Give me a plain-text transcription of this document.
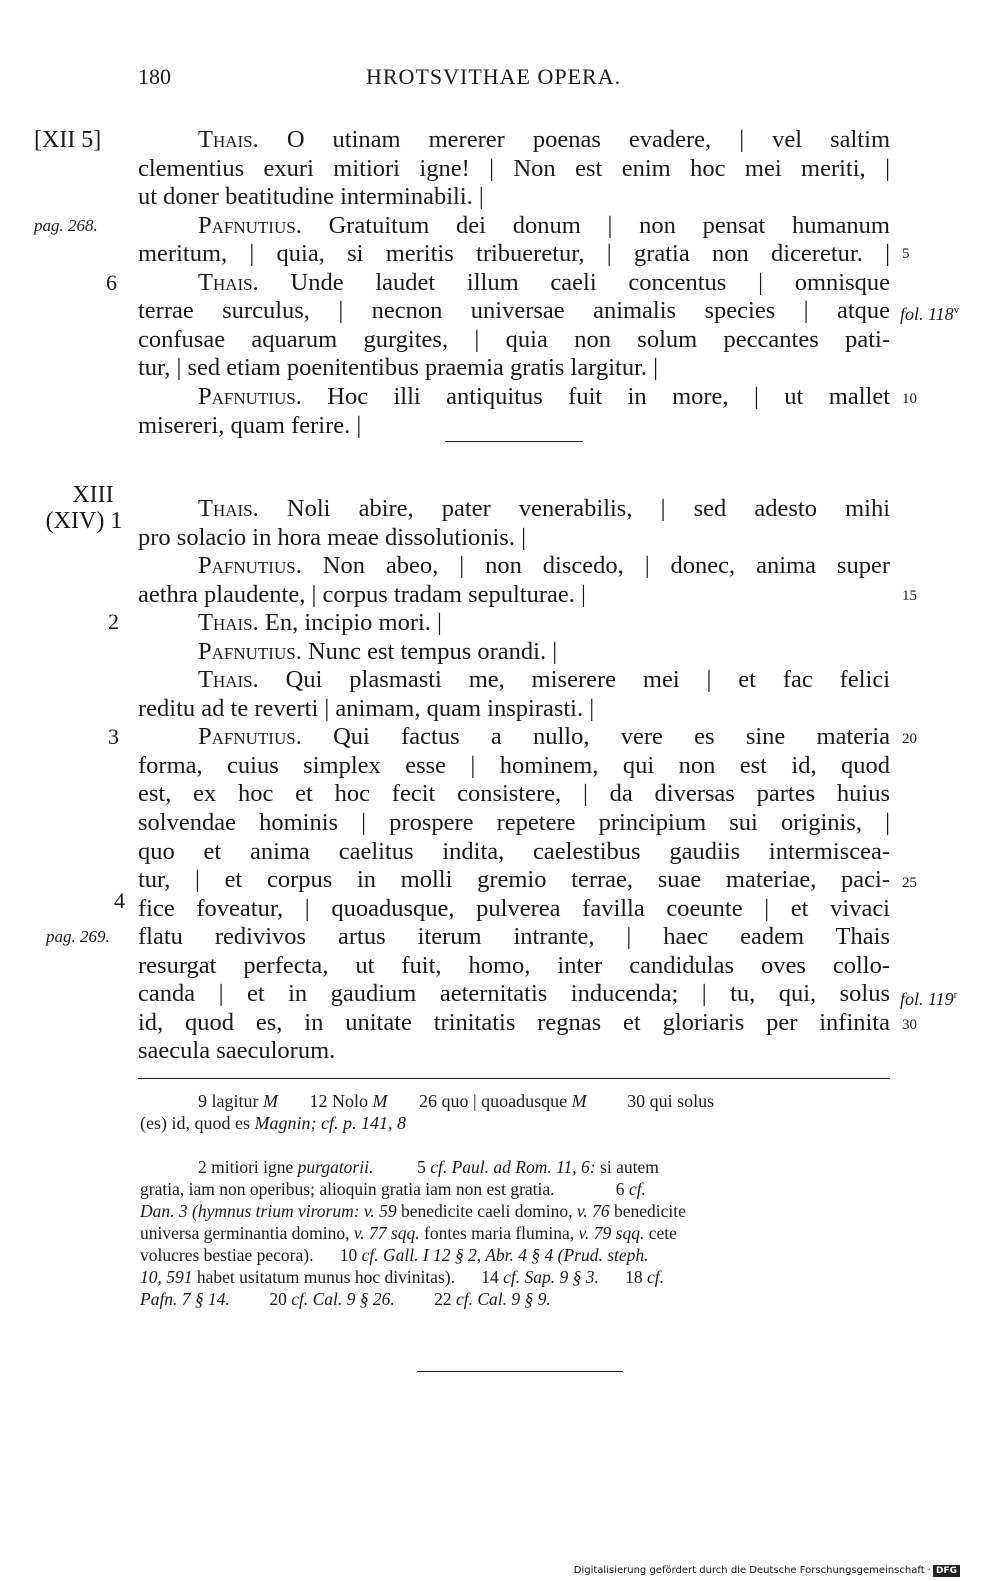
180	HROTSVITHAE OPERA.
[XII 5]
pag. 268.
6
XIII
(XIV) 1
2
3
4
pag. 269.
5
10
15
20
25
30
fol. 118$^v$
fol. 119$^r$
Thais. O utinam mererer poenas evadere, | vel saltim
clementius exuri mitiori igne! | Non est enim hoc mei meriti, |
ut doner beatitudine interminabili. |
Pafnutius. Gratuitum dei donum | non pensat humanum
meritum, | quia, si meritis tribueretur, | gratia non diceretur. |
Thais. Unde laudet illum caeli concentus | omnisque
terrae surculus, | necnon universae animalis species | atque
confusae aquarum gurgites, | quia non solum peccantes pati-
tur, | sed etiam poenitentibus praemia gratis largitur. |
Pafnutius. Hoc illi antiquitus fuit in more, | ut mallet
misereri, quam ferire. |
Thais. Noli abire, pater venerabilis, | sed adesto mihi
pro solacio in hora meae dissolutionis. |
Pafnutius. Non abeo, | non discedo, | donec, anima super
aethra plaudente, | corpus tradam sepulturae. |
Thais. En, incipio mori. |
Pafnutius. Nunc est tempus orandi. |
Thais. Qui plasmasti me, miserere mei | et fac felici
reditu ad te reverti | animam, quam inspirasti. |
Pafnutius. Qui factus a nullo, vere es sine materia
forma, cuius simplex esse | hominem, qui non est id, quod
est, ex hoc et hoc fecit consistere, | da diversas partes huius
solvendae hominis | prospere repetere principium sui originis, |
quo et anima caelitus indita, caelestibus gaudiis intermiscea-
tur, | et corpus in molli gremio terrae, suae materiae, paci-
fice foveatur, | quoadusque, pulverea favilla coeunte | et vivaci
flatu redivivos artus iterum intrante, | haec eadem Thais
resurgat perfecta, ut fuit, homo, inter candidulas oves collo-
canda | et in gaudium aeternitatis inducenda; | tu, qui, solus
id, quod es, in unitate trinitatis regnas et gloriaris per infinita
saecula saeculorum.
9 lagitur M 12 Nolo M 26 quo | quoadusque M 30 qui solus
(es) id, quod es Magnin; cf. p. 141, 8
2 mitiori igne purgatorii.	5 cf. Paul. ad Rom. 11, 6: si autem
gratia, iam non operibus; alioquin gratia iam non est gratia.	6 cf.
Dan. 3 (hymnus trium virorum: v. 59 benedicite caeli domino, v. 76 benedicite
universa germinantia domino, v. 77 sqq. fontes maria flumina, v. 79 sqq. cete
volucres bestiae pecora). 10 cf. Gall. I 12 § 2, Abr. 4 § 4 (Prud. steph.
10, 591 habet usitatum munus hoc divinitas). 14 cf. Sap. 9 § 3. 18 cf.
Pafn. 7 § 14. 20 cf. Cal. 9 § 26. 22 cf. Cal. 9 § 9.
Digitalisierung gefördert durch die Deutsche Forschungsgemeinschaft · DFG
